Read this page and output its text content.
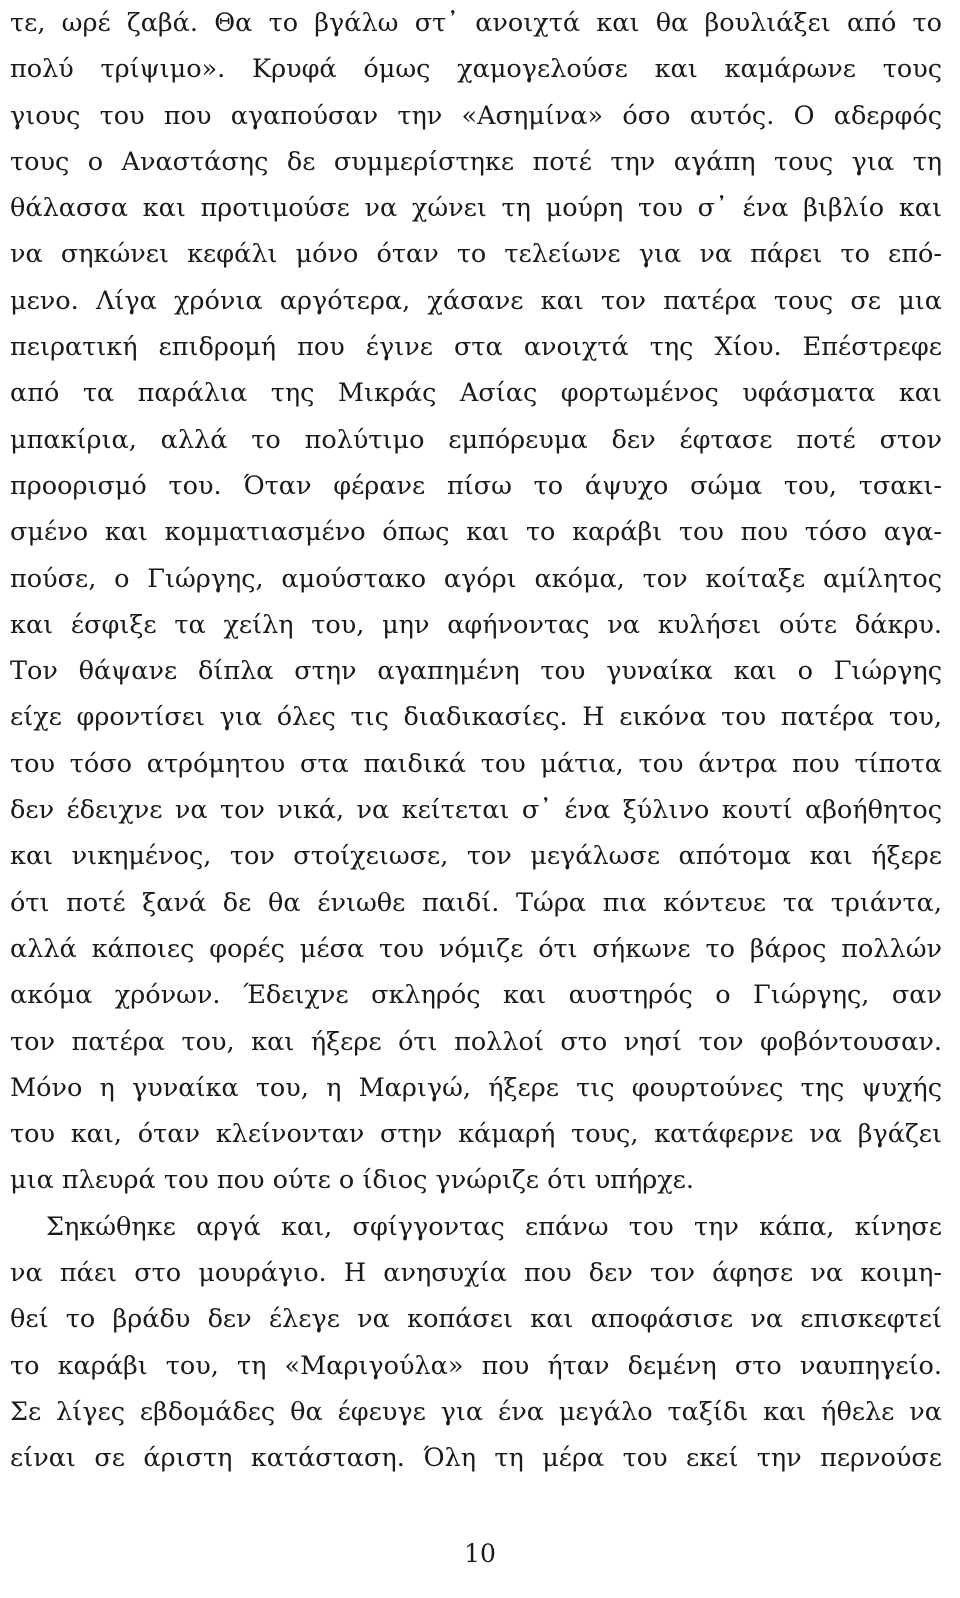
τε, ωρέ ζαβά. Θα το βγάλω στ᾽ ανοιχτά και θα βουλιάξει από το
πολύ τρίψιμο». Κρυφά όμως χαμογελούσε και καμάρωνε τους
γιους του που αγαπούσαν την «Ασημίνα» όσο αυτός. Ο αδερφός
τους ο Αναστάσης δε συμμερίστηκε ποτέ την αγάπη τους για τη
θάλασσα και προτιμούσε να χώνει τη μούρη του σ᾽ ένα βιβλίο και
να σηκώνει κεφάλι μόνο όταν το τελείωνε για να πάρει το επό-
μενο. Λίγα χρόνια αργότερα, χάσανε και τον πατέρα τους σε μια
πειρατική επιδρομή που έγινε στα ανοιχτά της Χίου. Επέστρεφε
από τα παράλια της Μικράς Ασίας φορτωμένος υφάσματα και
μπακίρια, αλλά το πολύτιμο εμπόρευμα δεν έφτασε ποτέ στον
προορισμό του. Όταν φέρανε πίσω το άψυχο σώμα του, τσακι-
σμένο και κομματιασμένο όπως και το καράβι του που τόσο αγα-
πούσε, ο Γιώργης, αμούστακο αγόρι ακόμα, τον κοίταξε αμίλητος
και έσφιξε τα χείλη του, μην αφήνοντας να κυλήσει ούτε δάκρυ.
Τον θάψανε δίπλα στην αγαπημένη του γυναίκα και ο Γιώργης
είχε φροντίσει για όλες τις διαδικασίες. Η εικόνα του πατέρα του,
του τόσο ατρόμητου στα παιδικά του μάτια, του άντρα που τίποτα
δεν έδειχνε να τον νικά, να κείτεται σ᾽ ένα ξύλινο κουτί αβοήθητος
και νικημένος, τον στοίχειωσε, τον μεγάλωσε απότομα και ήξερε
ότι ποτέ ξανά δε θα ένιωθε παιδί. Τώρα πια κόντευε τα τριάντα,
αλλά κάποιες φορές μέσα του νόμιζε ότι σήκωνε το βάρος πολλών
ακόμα χρόνων. Έδειχνε σκληρός και αυστηρός ο Γιώργης, σαν
τον πατέρα του, και ήξερε ότι πολλοί στο νησί τον φοβόντουσαν.
Μόνο η γυναίκα του, η Μαριγώ, ήξερε τις φουρτούνες της ψυχής
του και, όταν κλείνονταν στην κάμαρή τους, κατάφερνε να βγάζει
μια πλευρά του που ούτε ο ίδιος γνώριζε ότι υπήρχε.
Σηκώθηκε αργά και, σφίγγοντας επάνω του την κάπα, κίνησε
να πάει στο μουράγιο. Η ανησυχία που δεν τον άφησε να κοιμη-
θεί το βράδυ δεν έλεγε να κοπάσει και αποφάσισε να επισκεφτεί
το καράβι του, τη «Μαριγούλα» που ήταν δεμένη στο ναυπηγείο.
Σε λίγες εβδομάδες θα έφευγε για ένα μεγάλο ταξίδι και ήθελε να
είναι σε άριστη κατάσταση. Όλη τη μέρα του εκεί την περνούσε
10
